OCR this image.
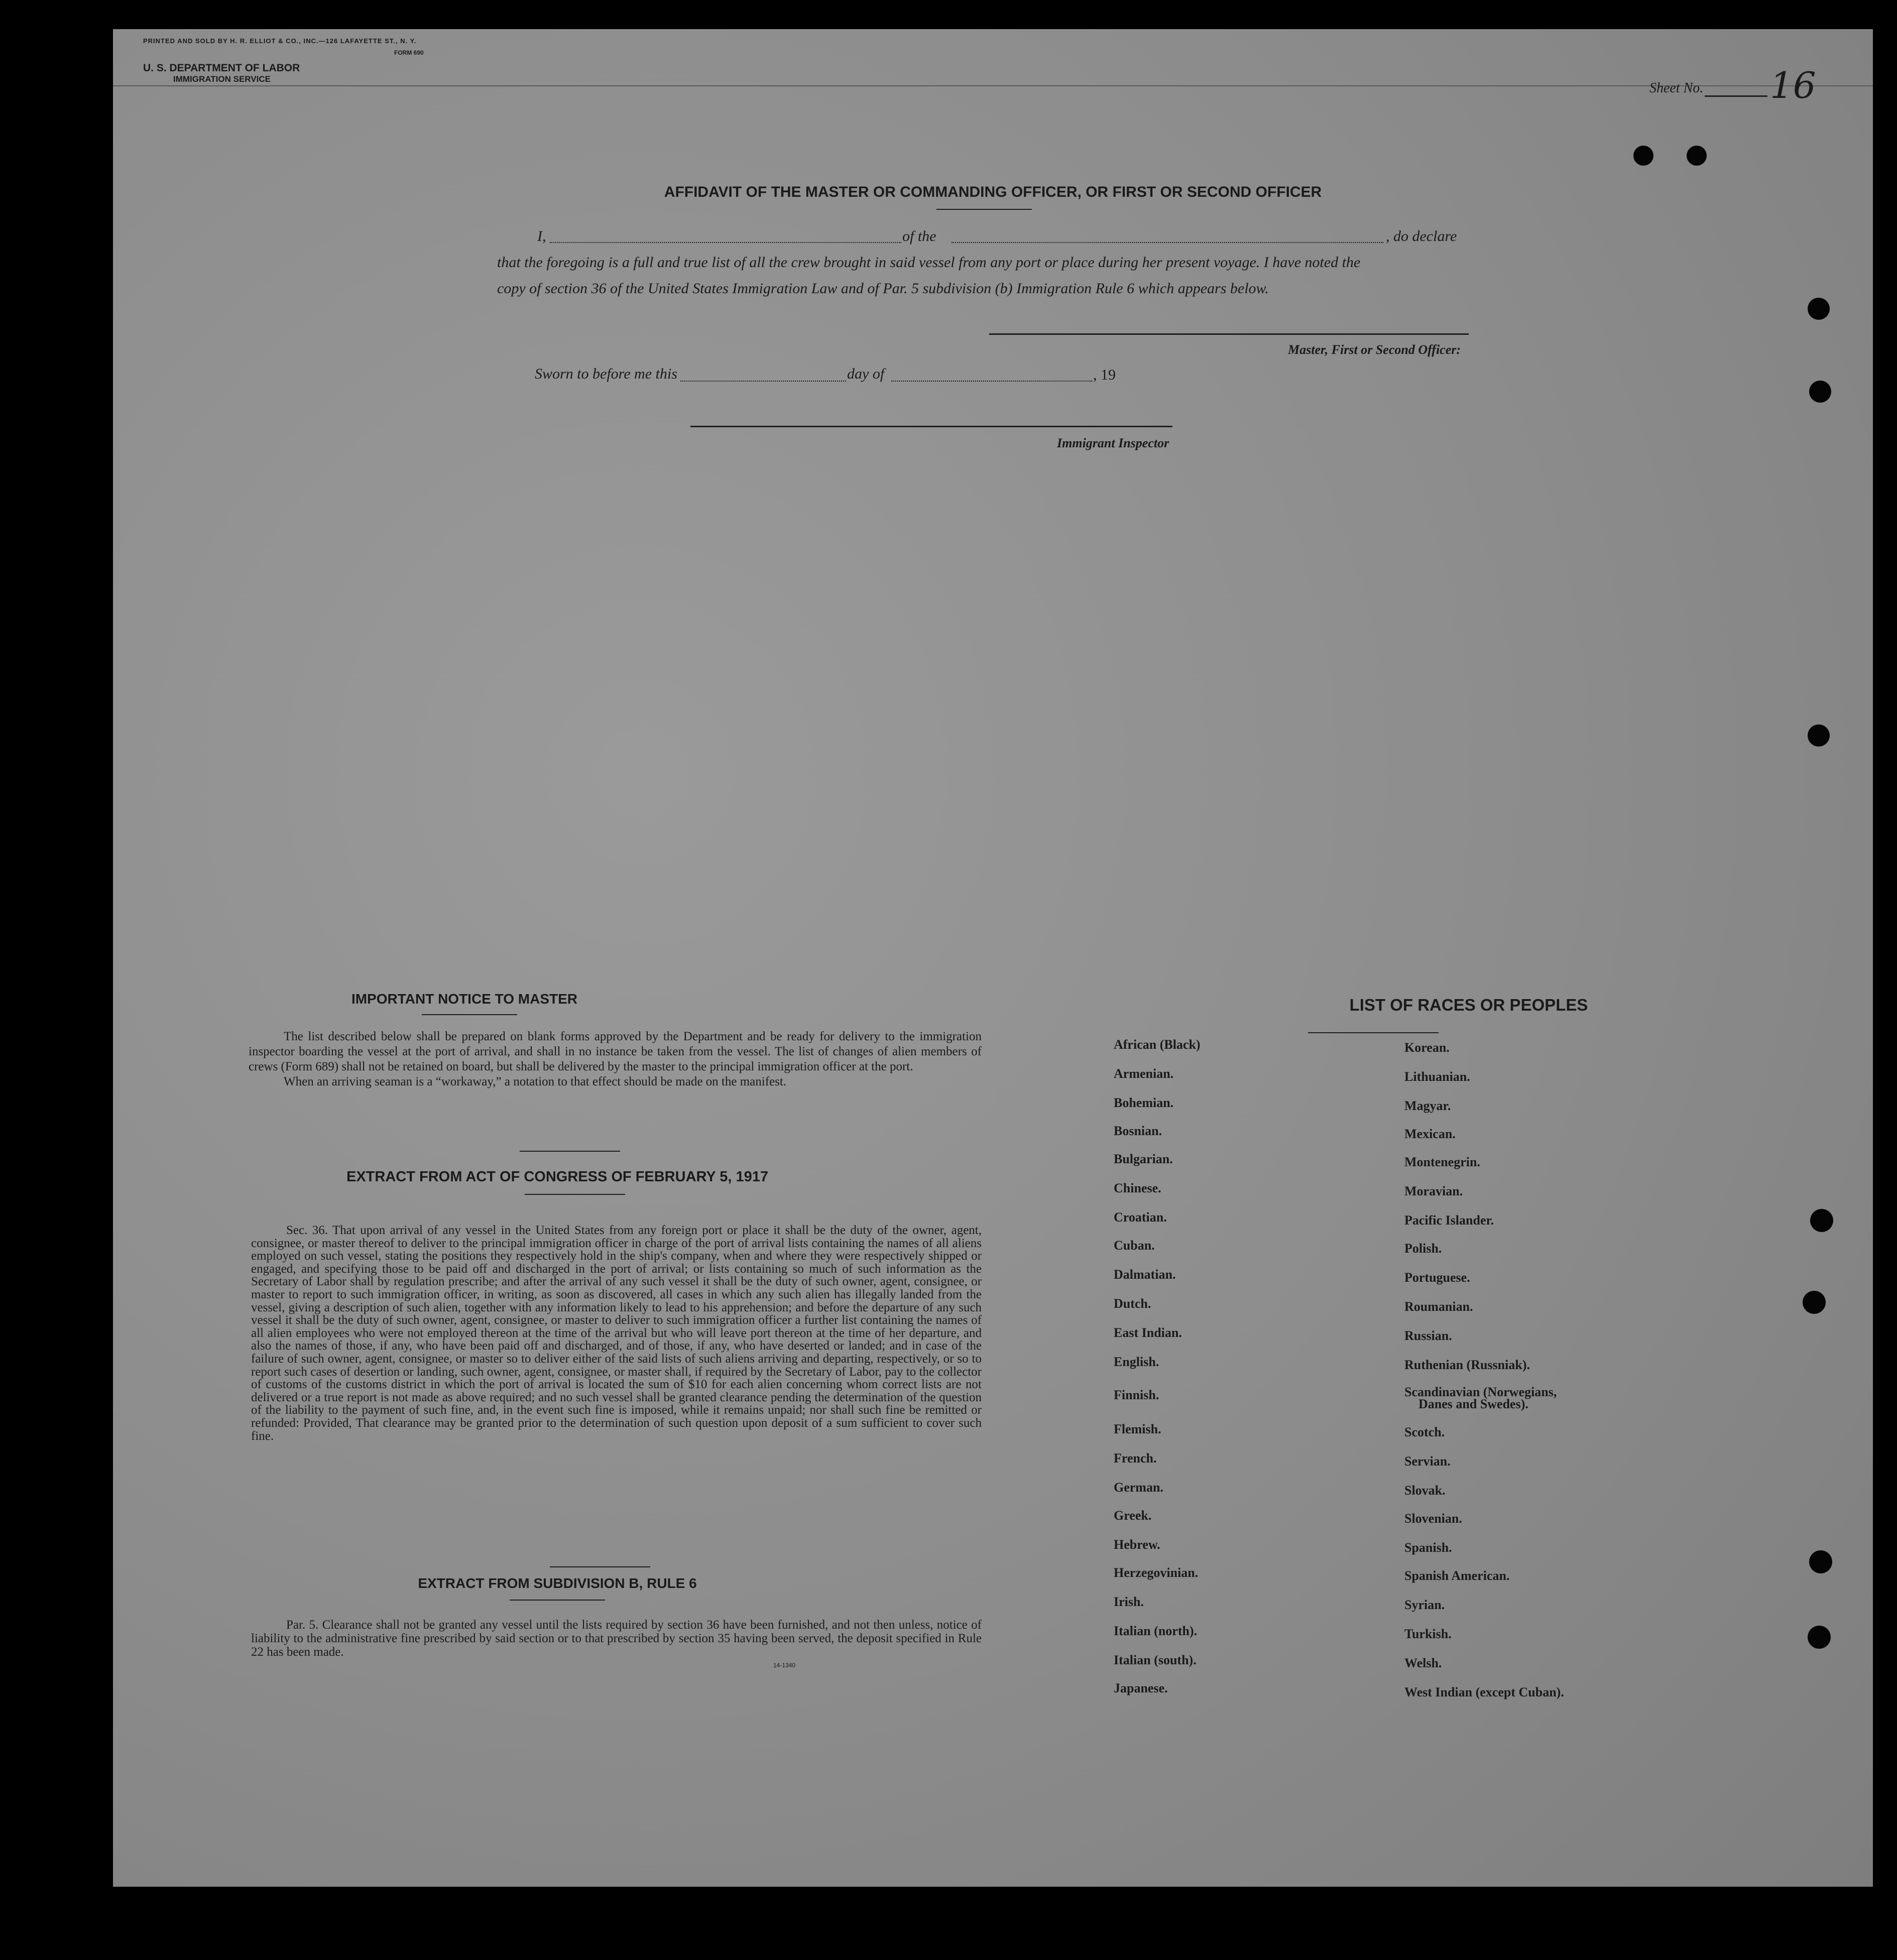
PRINTED AND SOLD BY H. R. ELLIOT & CO., INC.—126 LAFAYETTE ST., N. Y.
FORM 690
U. S. DEPARTMENT OF LABOR
IMMIGRATION SERVICE
Sheet No. 16
AFFIDAVIT OF THE MASTER OR COMMANDING OFFICER, OR FIRST OR SECOND OFFICER
I,	of the	, do declare
that the foregoing is a full and true list of all the crew brought in said vessel from any port or place during her present voyage. I have noted the
copy of section 36 of the United States Immigration Law and of Par. 5 subdivision (b) Immigration Rule 6 which appears below.
Master, First or Second Officer:
Sworn to before me this	day of	, 19
Immigrant Inspector
IMPORTANT NOTICE TO MASTER

The list described below shall be prepared on blank forms approved by the Department and be ready for delivery to the immigration inspector boarding the vessel at the port of arrival, and shall in no instance be taken from the vessel. The list of changes of alien members of crews (Form 689) shall not be retained on board, but shall be delivered by the master to the principal immigration officer at the port.

When an arriving seaman is a “workaway,” a notation to that effect should be made on the manifest.

EXTRACT FROM ACT OF CONGRESS OF FEBRUARY 5, 1917
Sec. 36. That upon arrival of any vessel in the United States from any foreign port or place it shall be the duty of the owner, agent, consignee, or master thereof to deliver to the principal immigration officer in charge of the port of arrival lists containing the names of all aliens employed on such vessel, stating the positions they respectively hold in the ship's company, when and where they were respectively shipped or engaged, and specifying those to be paid off and discharged in the port of arrival; or lists containing so much of such information as the Secretary of Labor shall by regulation prescribe; and after the arrival of any such vessel it shall be the duty of such owner, agent, consignee, or master to report to such immigration officer, in writing, as soon as discovered, all cases in which any such alien has illegally landed from the vessel, giving a description of such alien, together with any information likely to lead to his apprehension; and before the departure of any such vessel it shall be the duty of such owner, agent, consignee, or master to deliver to such immigration officer a further list containing the names of all alien employees who were not employed thereon at the time of the arrival but who will leave port thereon at the time of her departure, and also the names of those, if any, who have been paid off and discharged, and of those, if any, who have deserted or landed; and in case of the failure of such owner, agent, consignee, or master so to deliver either of the said lists of such aliens arriving and departing, respectively, or so to report such cases of desertion or landing, such owner, agent, consignee, or master shall, if required by the Secretary of Labor, pay to the collector of customs of the customs district in which the port of arrival is located the sum of $10 for each alien concerning whom correct lists are not delivered or a true report is not made as above required; and no such vessel shall be granted clearance pending the determination of the question of the liability to the payment of such fine, and, in the event such fine is imposed, while it remains unpaid; nor shall such fine be remitted or refunded: Provided, That clearance may be granted prior to the determination of such question upon deposit of a sum sufficient to cover such fine.
EXTRACT FROM SUBDIVISION B, RULE 6
Par. 5. Clearance shall not be granted any vessel until the lists required by section 36 have been furnished, and not then unless, notice of liability to the administrative fine prescribed by said section or to that prescribed by section 35 having been served, the deposit specified in Rule 22 has been made.
14-1340
LIST OF RACES OR PEOPLES
African (Black)
Armenian.
Bohemian.
Bosnian.
Bulgarian.
Chinese.
Croatian.
Cuban.
Dalmatian.
Dutch.
East Indian.
English.
Finnish.
Flemish.
French.
German.
Greek.
Hebrew.
Herzegovinian.
Irish.
Italian (north).
Italian (south).
Japanese.
Korean.
Lithuanian.
Magyar.
Mexican.
Montenegrin.
Moravian.
Pacific Islander.
Polish.
Portuguese.
Roumanian.
Russian.
Ruthenian (Russniak).
Scandinavian (Norwegians,
Danes and Swedes).
Scotch.
Servian.
Slovak.
Slovenian.
Spanish.
Spanish American.
Syrian.
Turkish.
Welsh.
West Indian (except Cuban).
